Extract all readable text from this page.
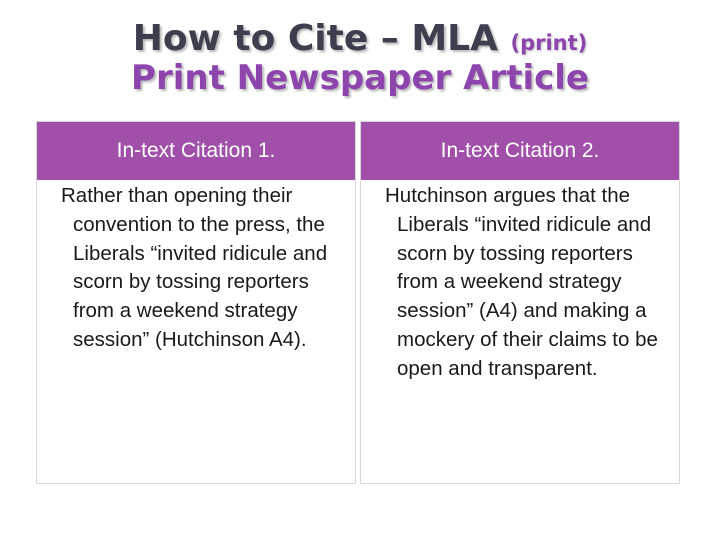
How to Cite – MLA (print)
Print Newspaper Article
In-text Citation 1.
Rather than opening their convention to the press, the Liberals “invited ridicule and scorn by tossing reporters from a weekend strategy session” (Hutchinson A4).
In-text Citation 2.
Hutchinson argues that the Liberals “invited ridicule and scorn by tossing reporters from a weekend strategy session” (A4) and making a mockery of their claims to be open and transparent.
